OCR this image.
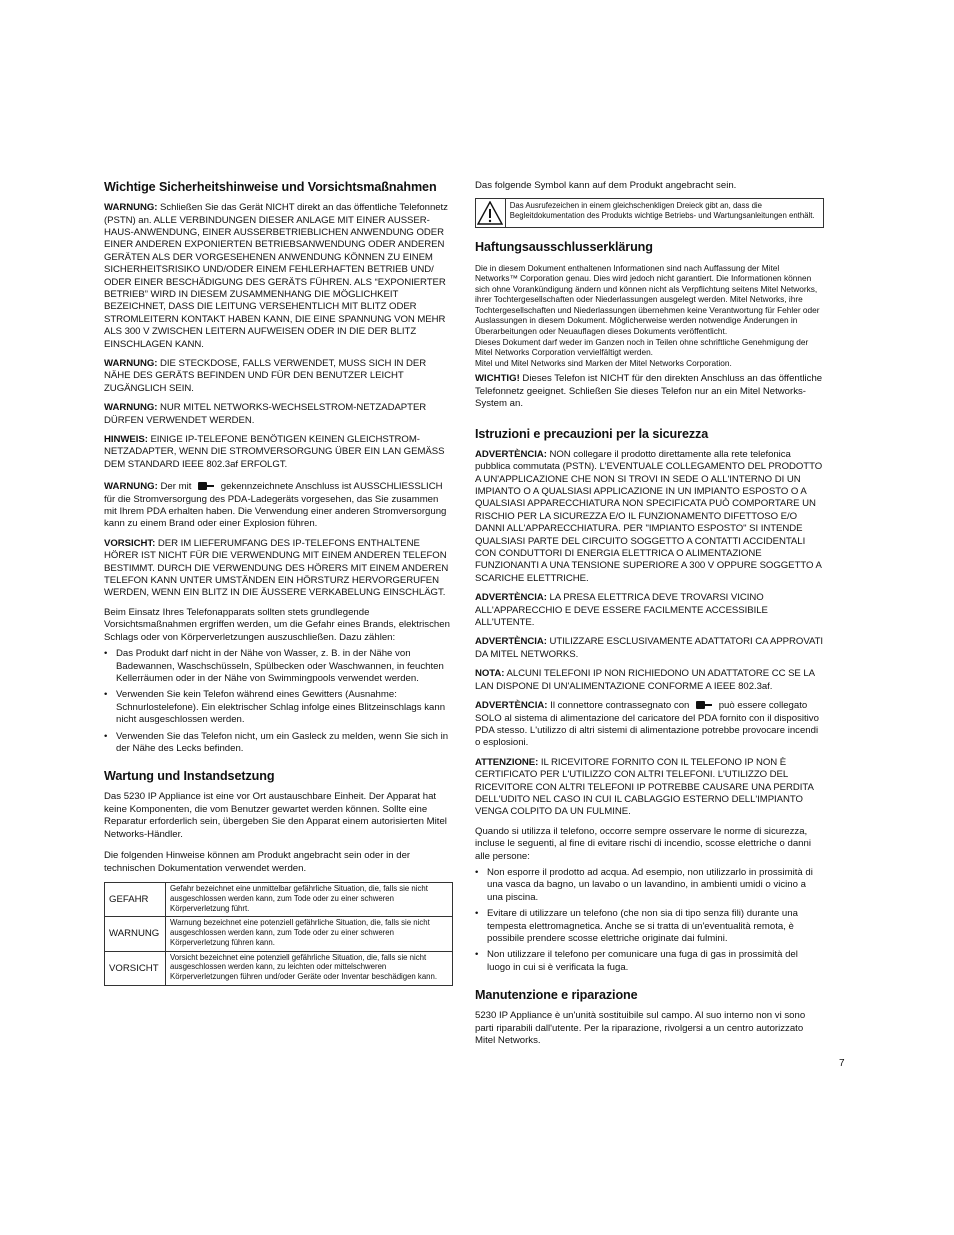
Wichtige Sicherheitshinweise und Vorsichtsmaßnahmen

WARNUNG: Schließen Sie das Gerät NICHT direkt an das öffentliche Telefonnetz (PSTN) an. ALLE VERBINDUNGEN DIESER ANLAGE MIT EINER AUSSER-HAUS-ANWENDUNG, EINER AUSSERBETRIEBLICHEN ANWENDUNG ODER EINER ANDEREN EXPONIERTEN BETRIEBSANWENDUNG ODER ANDEREN GERÄTEN ALS DER VORGESEHENEN ANWENDUNG KÖNNEN ZU EINEM SICHERHEITSRISIKO UND/ODER EINEM FEHLERHAFTEN BETRIEB UND/ ODER EINER BESCHÄDIGUNG DES GERÄTS FÜHREN. ALS “EXPONIERTER BETRIEB” WIRD IN DIESEM ZUSAMMENHANG DIE MÖGLICHKEIT BEZEICHNET, DASS DIE LEITUNG VERSEHENTLICH MIT BLITZ ODER STROMLEITERN KONTAKT HABEN KANN, DIE EINE SPANNUNG VON MEHR ALS 300 V ZWISCHEN LEITERN AUFWEISEN ODER IN DIE DER BLITZ EINSCHLAGEN KANN.

WARNUNG: DIE STECKDOSE, FALLS VERWENDET, MUSS SICH IN DER NÄHE DES GERÄTS BEFINDEN UND FÜR DEN BENUTZER LEICHT ZUGÄNGLICH SEIN.

WARNUNG: NUR MITEL NETWORKS-WECHSELSTROM-NETZADAPTER DÜRFEN VERWENDET WERDEN.

HINWEIS: EINIGE IP-TELEFONE BENÖTIGEN KEINEN GLEICHSTROM-NETZADAPTER, WENN DIE STROMVERSORGUNG ÜBER EIN LAN GEMÄSS DEM STANDARD IEEE 802.3af ERFOLGT.

WARNUNG: Der mit	gekennzeichnete Anschluss ist AUSSCHLIESSLICH für die Stromversorgung des PDA-Ladegeräts vorgesehen, das Sie zusammen mit Ihrem PDA erhalten haben. Die Verwendung einer anderen Stromversorgung kann zu einem Brand oder einer Explosion führen.

VORSICHT: DER IM LIEFERUMFANG DES IP-TELEFONS ENTHALTENE HÖRER IST NICHT FÜR DIE VERWENDUNG MIT EINEM ANDEREN TELEFON BESTIMMT. DURCH DIE VERWENDUNG DES HÖRERS MIT EINEM ANDEREN TELEFON KANN UNTER UMSTÄNDEN EIN HÖRSTURZ HERVORGERUFEN WERDEN, WENN EIN BLITZ IN DIE ÄUSSERE VERKABELUNG EINSCHLÄGT.

Beim Einsatz Ihres Telefonapparats sollten stets grundlegende Vorsichtsmaßnahmen ergriffen werden, um die Gefahr eines Brands, elektrischen Schlags oder von Körperverletzungen auszuschließen. Dazu zählen:

• Das Produkt darf nicht in der Nähe von Wasser, z. B. in der Nähe von Badewannen, Waschschüsseln, Spülbecken oder Waschwannen, in feuchten Kellerräumen oder in der Nähe von Swimmingpools verwendet werden.
• Verwenden Sie kein Telefon während eines Gewitters (Ausnahme: Schnurlostelefone). Ein elektrischer Schlag infolge eines Blitzeinschlags kann nicht ausgeschlossen werden.
• Verwenden Sie das Telefon nicht, um ein Gasleck zu melden, wenn Sie sich in der Nähe des Lecks befinden.
Wartung und Instandsetzung

Das 5230 IP Appliance ist eine vor Ort austauschbare Einheit. Der Apparat hat keine Komponenten, die vom Benutzer gewartet werden können. Sollte eine Reparatur erforderlich sein, übergeben Sie den Apparat einem autorisierten Mitel Networks-Händler.

Die folgenden Hinweise können am Produkt angebracht sein oder in der technischen Dokumentation verwendet werden.

GEFAHR	Gefahr bezeichnet eine unmittelbar gefährliche Situation, die, falls sie nicht ausgeschlossen werden kann, zum Tode oder zu einer schweren Körperverletzung führt.
WARNUNG	Warnung bezeichnet eine potenziell gefährliche Situation, die, falls sie nicht ausgeschlossen werden kann, zum Tode oder zu einer schweren Körperverletzung führen kann.
VORSICHT	Vorsicht bezeichnet eine potenziell gefährliche Situation, die, falls sie nicht ausgeschlossen werden kann, zu leichten oder mittelschweren Körperverletzungen führen und/oder Geräte oder Inventar beschädigen kann.

Das folgende Symbol kann auf dem Produkt angebracht sein.

Das Ausrufezeichen in einem gleichschenkligen Dreieck gibt an, dass die Begleitdokumentation des Produkts wichtige Betriebs- und Wartungsanleitungen enthält.
Haftungsausschlusserklärung

Die in diesem Dokument enthaltenen Informationen sind nach Auffassung der Mitel Networks™ Corporation genau. Dies wird jedoch nicht garantiert. Die Informationen können sich ohne Vorankündigung ändern und können nicht als Verpflichtung seitens Mitel Networks, ihrer Tochtergesellschaften oder Niederlassungen ausgelegt werden. Mitel Networks, ihre Tochtergesellschaften und Niederlassungen übernehmen keine Verantwortung für Fehler oder Auslassungen in diesem Dokument. Möglicherweise werden notwendige Änderungen in Überarbeitungen oder Neuauflagen dieses Dokuments veröffentlicht.

Dieses Dokument darf weder im Ganzen noch in Teilen ohne schriftliche Genehmigung der Mitel Networks Corporation vervielfältigt werden.

Mitel und Mitel Networks sind Marken der Mitel Networks Corporation.

WICHTIG! Dieses Telefon ist NICHT für den direkten Anschluss an das öffentliche Telefonnetz geeignet. Schließen Sie dieses Telefon nur an ein Mitel Networks-System an.

Istruzioni e precauzioni per la sicurezza

ADVERTÈNCIA: NON collegare il prodotto direttamente alla rete telefonica pubblica commutata (PSTN). L'EVENTUALE COLLEGAMENTO DEL PRODOTTO A UN'APPLICAZIONE CHE NON SI TROVI IN SEDE O ALL'INTERNO DI UN IMPIANTO O A QUALSIASI APPLICAZIONE IN UN IMPIANTO ESPOSTO O A QUALSIASI APPARECCHIATURA NON SPECIFICATA PUÒ COMPORTARE UN RISCHIO PER LA SICUREZZA E/O IL FUNZIONAMENTO DIFETTOSO E/O DANNI ALL'APPARECCHIATURA. PER "IMPIANTO ESPOSTO" SI INTENDE QUALSIASI PARTE DEL CIRCUITO SOGGETTO A CONTATTI ACCIDENTALI CON CONDUTTORI DI ENERGIA ELETTRICA O ALIMENTAZIONE FUNZIONANTI A UNA TENSIONE SUPERIORE A 300 V OPPURE SOGGETTO A SCARICHE ELETTRICHE.

ADVERTÈNCIA: LA PRESA ELETTRICA DEVE TROVARSI VICINO ALL'APPARECCHIO E DEVE ESSERE FACILMENTE ACCESSIBILE ALL'UTENTE.

ADVERTÈNCIA: UTILIZZARE ESCLUSIVAMENTE ADATTATORI CA APPROVATI DA MITEL NETWORKS.

NOTA: ALCUNI TELEFONI IP NON RICHIEDONO UN ADATTATORE CC SE LA LAN DISPONE DI UN'ALIMENTAZIONE CONFORME A IEEE 802.3af.

ADVERTÈNCIA: Il connettore contrassegnato con	può essere collegato SOLO al sistema di alimentazione del caricatore del PDA fornito con il dispositivo PDA stesso. L'utilizzo di altri sistemi di alimentazione potrebbe provocare incendi o esplosioni.

ATTENZIONE: IL RICEVITORE FORNITO CON IL TELEFONO IP NON È CERTIFICATO PER L'UTILIZZO CON ALTRI TELEFONI. L'UTILIZZO DEL RICEVITORE CON ALTRI TELEFONI IP POTREBBE CAUSARE UNA PERDITA DELL'UDITO NEL CASO IN CUI IL CABLAGGIO ESTERNO DELL'IMPIANTO VENGA COLPITO DA UN FULMINE.

Quando si utilizza il telefono, occorre sempre osservare le norme di sicurezza, incluse le seguenti, al fine di evitare rischi di incendio, scosse elettriche o danni alle persone:

• Non esporre il prodotto ad acqua. Ad esempio, non utilizzarlo in prossimità di una vasca da bagno, un lavabo o un lavandino, in ambienti umidi o vicino a una piscina.
• Evitare di utilizzare un telefono (che non sia di tipo senza fili) durante una tempesta elettromagnetica. Anche se si tratta di un'eventualità remota, è possibile prendere scosse elettriche originate dai fulmini.
• Non utilizzare il telefono per comunicare una fuga di gas in prossimità del luogo in cui si è verificata la fuga.
Manutenzione e riparazione

5230 IP Appliance è un'unità sostituibile sul campo. Al suo interno non vi sono parti riparabili dall'utente. Per la riparazione, rivolgersi a un centro autorizzato Mitel Networks.

7
